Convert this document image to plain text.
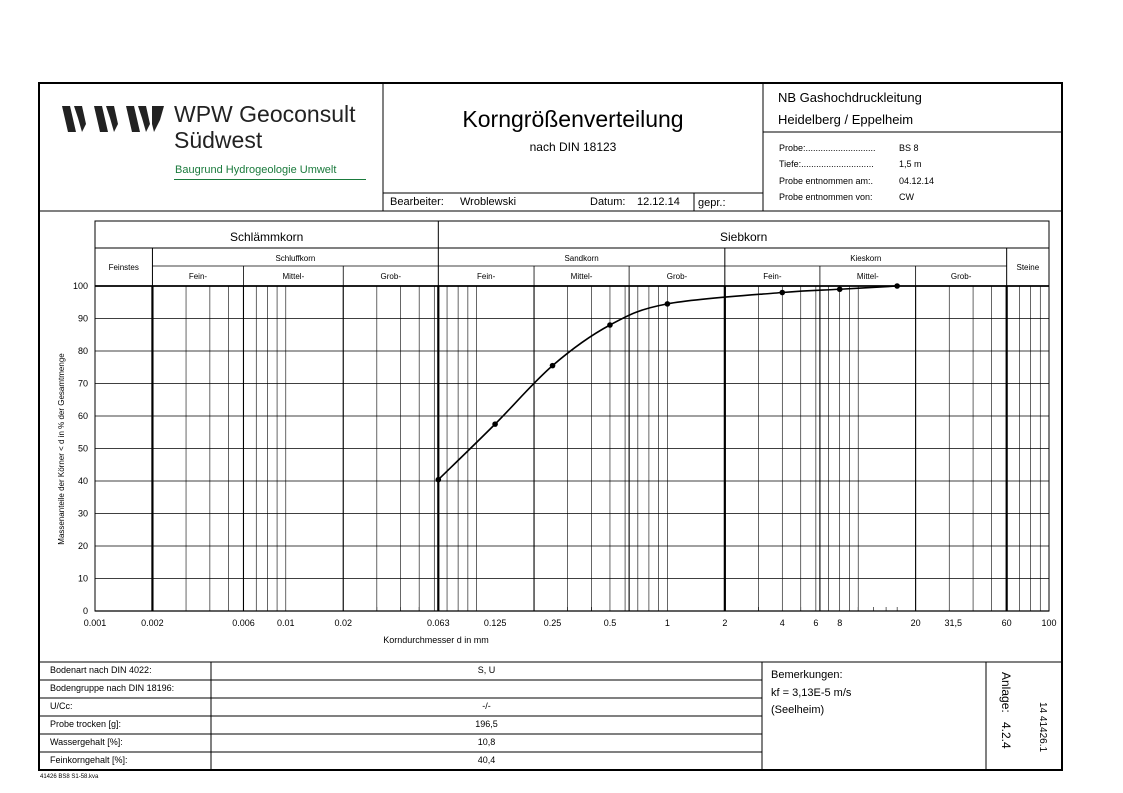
WPW Geoconsult
Südwest
Baugrund Hydrogeologie Umwelt
Korngrößenverteilung
nach DIN 18123
Bearbeiter: Wroblewski	Datum: 12.12.14 gepr.:
NB Gashochdruckleitung
Heidelberg / Eppelheim
Probe:............................	BS 8
Tiefe:.............................	1,5 m
Probe entnommen am:.	04.12.14
Probe entnommen von:	CW
Schlämmkorn	Siebkorn
Feinstes
Schluffkorn	Sandkorn	Kieskorn
Steine
Fein-	Mittel-	Grob-	Fein-	Mittel-	Grob-	Fein-	Mittel-	Grob-
0
10
20
30
40
50
60
70
80
90
100
0.001	0.002	0.006 0.01	0.02	0.063	0.125	0.25	0.5	1	2	4	6 8	20	31,5	60	100
Korndurchmesser d in mm
Massenanteile der Körner < d in % der Gesamtmenge
Bodenart nach DIN 4022:	S, U
Bodengruppe nach DIN 18196:
U/Cc:	-/-
Probe trocken [g]:	196,5
Wassergehalt [%]:	10,8
Feinkorngehalt [%]:	40,4
Bemerkungen:
kf = 3,13E-5 m/s
(Seelheim)	Anlage:
4.2.4 14 41426.1
41426 BS8 S1-58.kva
